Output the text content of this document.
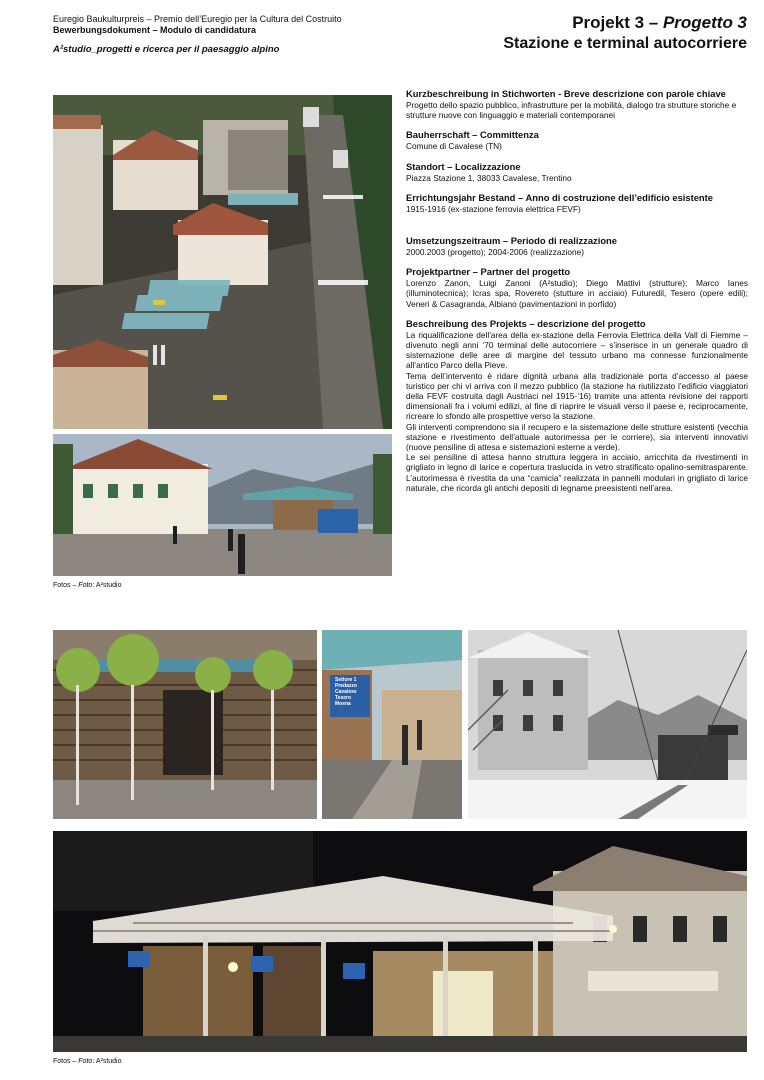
Euregio Baukulturpreis – Premio dell’Euregio per la Cultura del Costruito
Bewerbungsdokument – Modulo di candidatura
A²studio_progetti e ricerca per il paesaggio alpino
Projekt 3 – Progetto 3
Stazione e terminal autocorriere
Fotos – Foto: A²studio
Kurzbeschreibung in Stichworten - Breve descrizione con parole chiave

Progetto dello spazio pubblico, infrastrutture per la mobilità, dialogo tra strutture storiche e strutture nuove con linguaggio e materiali contemporanei

Bauherrschaft – Committenza

Comune di Cavalese (TN)

Standort – Localizzazione

Piazza Stazione 1, 38033 Cavalese, Trentino

Errichtungsjahr Bestand – Anno di costruzione dell’edificio esistente

1915-1916 (ex-stazione ferrovia elettrica FEVF)

Umsetzungszeitraum – Periodo di realizzazione

2000.2003 (progetto); 2004-2006 (realizzazione)

Projektpartner – Partner del progetto

Lorenzo Zanon, Luigi Zanoni (A²studio); Diego Mattivi (strutture); Marco Ianes (illuminotecnica); Icras spa, Rovereto (stutture in acciaio) Futuredil, Tesero (opere edili); Veneri & Casagranda, Albiano (pavimentazioni in porfido)

Beschreibung des Projekts – descrizione del progetto

La riqualificazione dell'area della ex-stazione della Ferrovia Elettrica della Vall di Fiemme – divenuto negli anni ‘70 terminal delle autocorriere – s’inserisce in un generale quadro di sistemazione delle aree di margine del tessuto urbano ma connesse funzionalmente all’antico Parco della Pieve.

Tema dell’intervento è ridare dignità urbana alla tradizionale porta d’accesso al paese turistico per chi vi arriva con il mezzo pubblico (la stazione ha riutilizzato l’edificio viaggiatori della FEVF costruita dagli Austriaci nel 1915-’16) tramite una attenta revisione dei rapporti dimensionali fra i volumi edilizi, al fine di riaprire le visuali verso il paese e, reciprocamente, ricreare lo sfondo alle prospettive verso la stazione.

Gli interventi comprendono sia il recupero e la sistemazione delle strutture esistenti (vecchia stazione e rivestimento dell’attuale autorimessa per le corriere), sia interventi innovativi (nuove pensiline di attesa e sistemazioni esterne a verde).

Le sei pensiline di attesa hanno struttura leggera in acciaio, arricchita da rivestimenti in grigliato in legno di larice e copertura traslucida in vetro stratificato opalino-semitrasparente. L’autorimessa è rivestita da una “camicia” realizzata in pannelli modulari in grigliato di larice naturale, che ricorda gli antichi depositi di legname preesistenti nell’area.

Settore 1
Predazzo
Cavalese
Tesero
Moena
Fotos – Foto: A²studio
